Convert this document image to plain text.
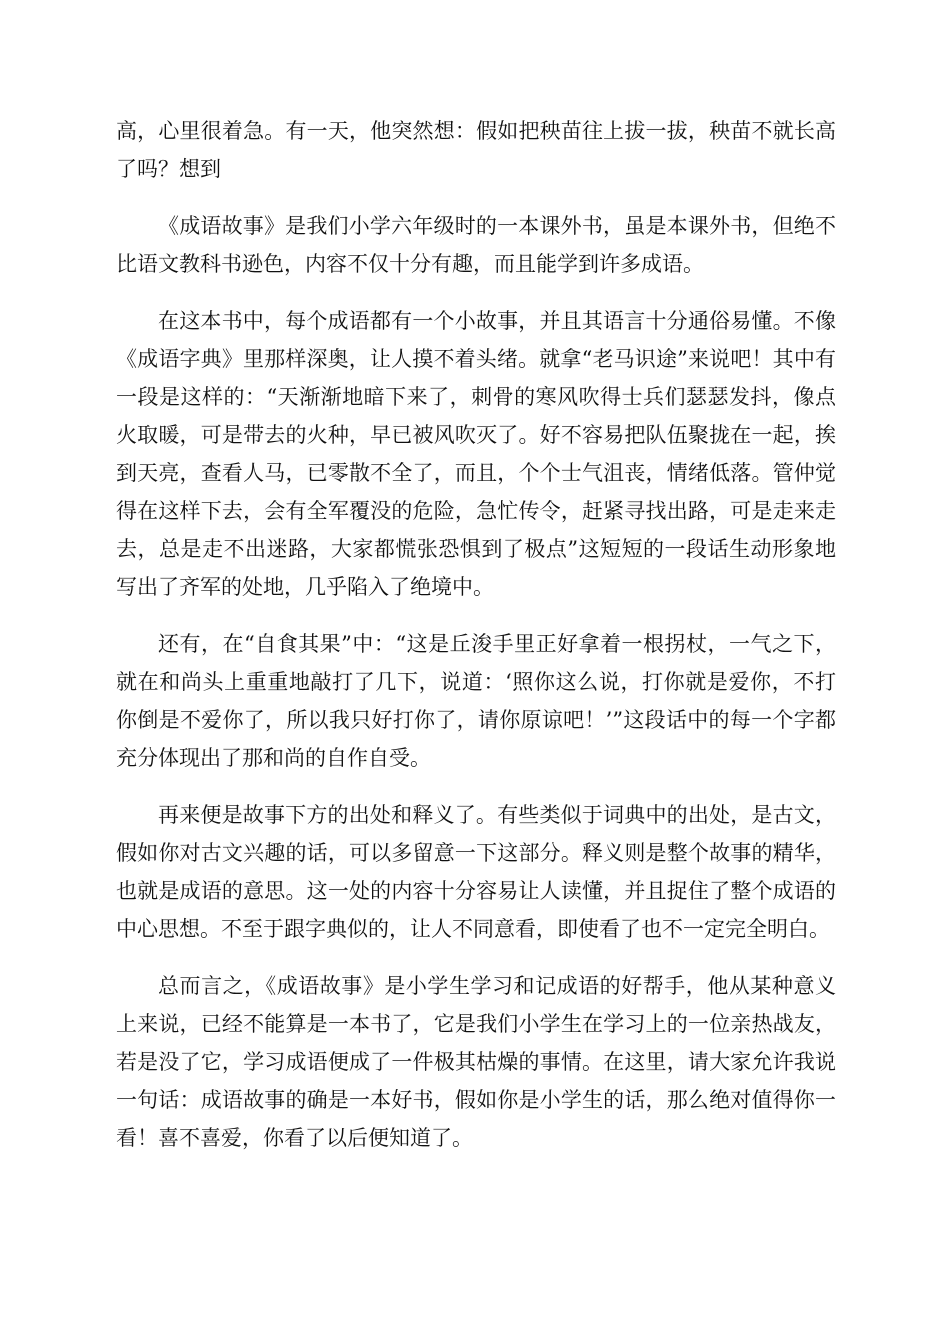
高，心里很着急。有一天，他突然想：假如把秧苗往上拔一拔，秧苗不就长高了吗？想到

《成语故事》是我们小学六年级时的一本课外书，虽是本课外书，但绝不比语文教科书逊色，内容不仅十分有趣，而且能学到许多成语。

在这本书中，每个成语都有一个小故事，并且其语言十分通俗易懂。不像《成语字典》里那样深奥，让人摸不着头绪。就拿“老马识途”来说吧！其中有一段是这样的：“天渐渐地暗下来了，刺骨的寒风吹得士兵们瑟瑟发抖，像点火取暖，可是带去的火种，早已被风吹灭了。好不容易把队伍聚拢在一起，挨到天亮，查看人马，已零散不全了，而且，个个士气沮丧，情绪低落。管仲觉得在这样下去，会有全军覆没的危险，急忙传令，赶紧寻找出路，可是走来走去，总是走不出迷路，大家都慌张恐惧到了极点”这短短的一段话生动形象地写出了齐军的处地，几乎陷入了绝境中。

还有，在“自食其果”中：“这是丘浚手里正好拿着一根拐杖，一气之下，就在和尚头上重重地敲打了几下，说道：‘照你这么说，打你就是爱你，不打你倒是不爱你了，所以我只好打你了，请你原谅吧！’”这段话中的每一个字都充分体现出了那和尚的自作自受。

再来便是故事下方的出处和释义了。有些类似于词典中的出处，是古文，假如你对古文兴趣的话，可以多留意一下这部分。释义则是整个故事的精华，也就是成语的意思。这一处的内容十分容易让人读懂，并且捉住了整个成语的中心思想。不至于跟字典似的，让人不同意看，即使看了也不一定完全明白。

总而言之，《成语故事》是小学生学习和记成语的好帮手，他从某种意义上来说，已经不能算是一本书了，它是我们小学生在学习上的一位亲热战友，若是没了它，学习成语便成了一件极其枯燥的事情。在这里，请大家允许我说一句话：成语故事的确是一本好书，假如你是小学生的话，那么绝对值得你一看！喜不喜爱，你看了以后便知道了。
